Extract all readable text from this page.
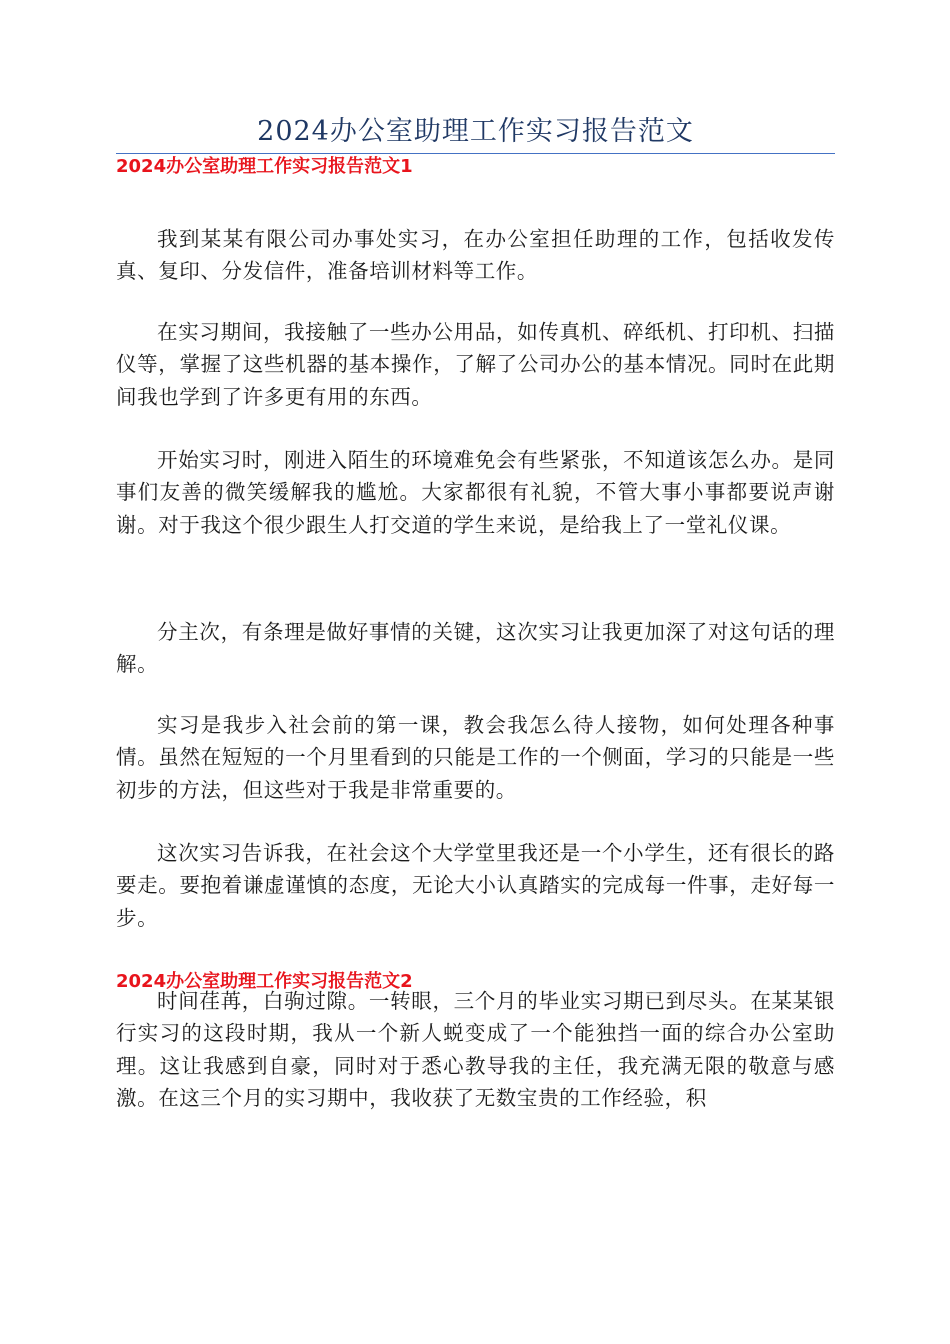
2024办公室助理工作实习报告范文
2024办公室助理工作实习报告范文1

我到某某有限公司办事处实习，在办公室担任助理的工作，包括收发传真、复印、分发信件，准备培训材料等工作。

在实习期间，我接触了一些办公用品，如传真机、碎纸机、打印机、扫描仪等，掌握了这些机器的基本操作，了解了公司办公的基本情况。同时在此期间我也学到了许多更有用的东西。

开始实习时，刚进入陌生的环境难免会有些紧张，不知道该怎么办。是同事们友善的微笑缓解我的尴尬。大家都很有礼貌，不管大事小事都要说声谢谢。对于我这个很少跟生人打交道的学生来说，是给我上了一堂礼仪课。

分主次，有条理是做好事情的关键，这次实习让我更加深了对这句话的理解。

实习是我步入社会前的第一课，教会我怎么待人接物，如何处理各种事情。虽然在短短的一个月里看到的只能是工作的一个侧面，学习的只能是一些初步的方法，但这些对于我是非常重要的。

这次实习告诉我，在社会这个大学堂里我还是一个小学生，还有很长的路要走。要抱着谦虚谨慎的态度，无论大小认真踏实的完成每一件事，走好每一步。

2024办公室助理工作实习报告范文2

时间荏苒，白驹过隙。一转眼，三个月的毕业实习期已到尽头。在某某银行实习的这段时期，我从一个新人蜕变成了一个能独挡一面的综合办公室助理。这让我感到自豪，同时对于悉心教导我的主任，我充满无限的敬意与感激。在这三个月的实习期中，我收获了无数宝贵的工作经验，积
